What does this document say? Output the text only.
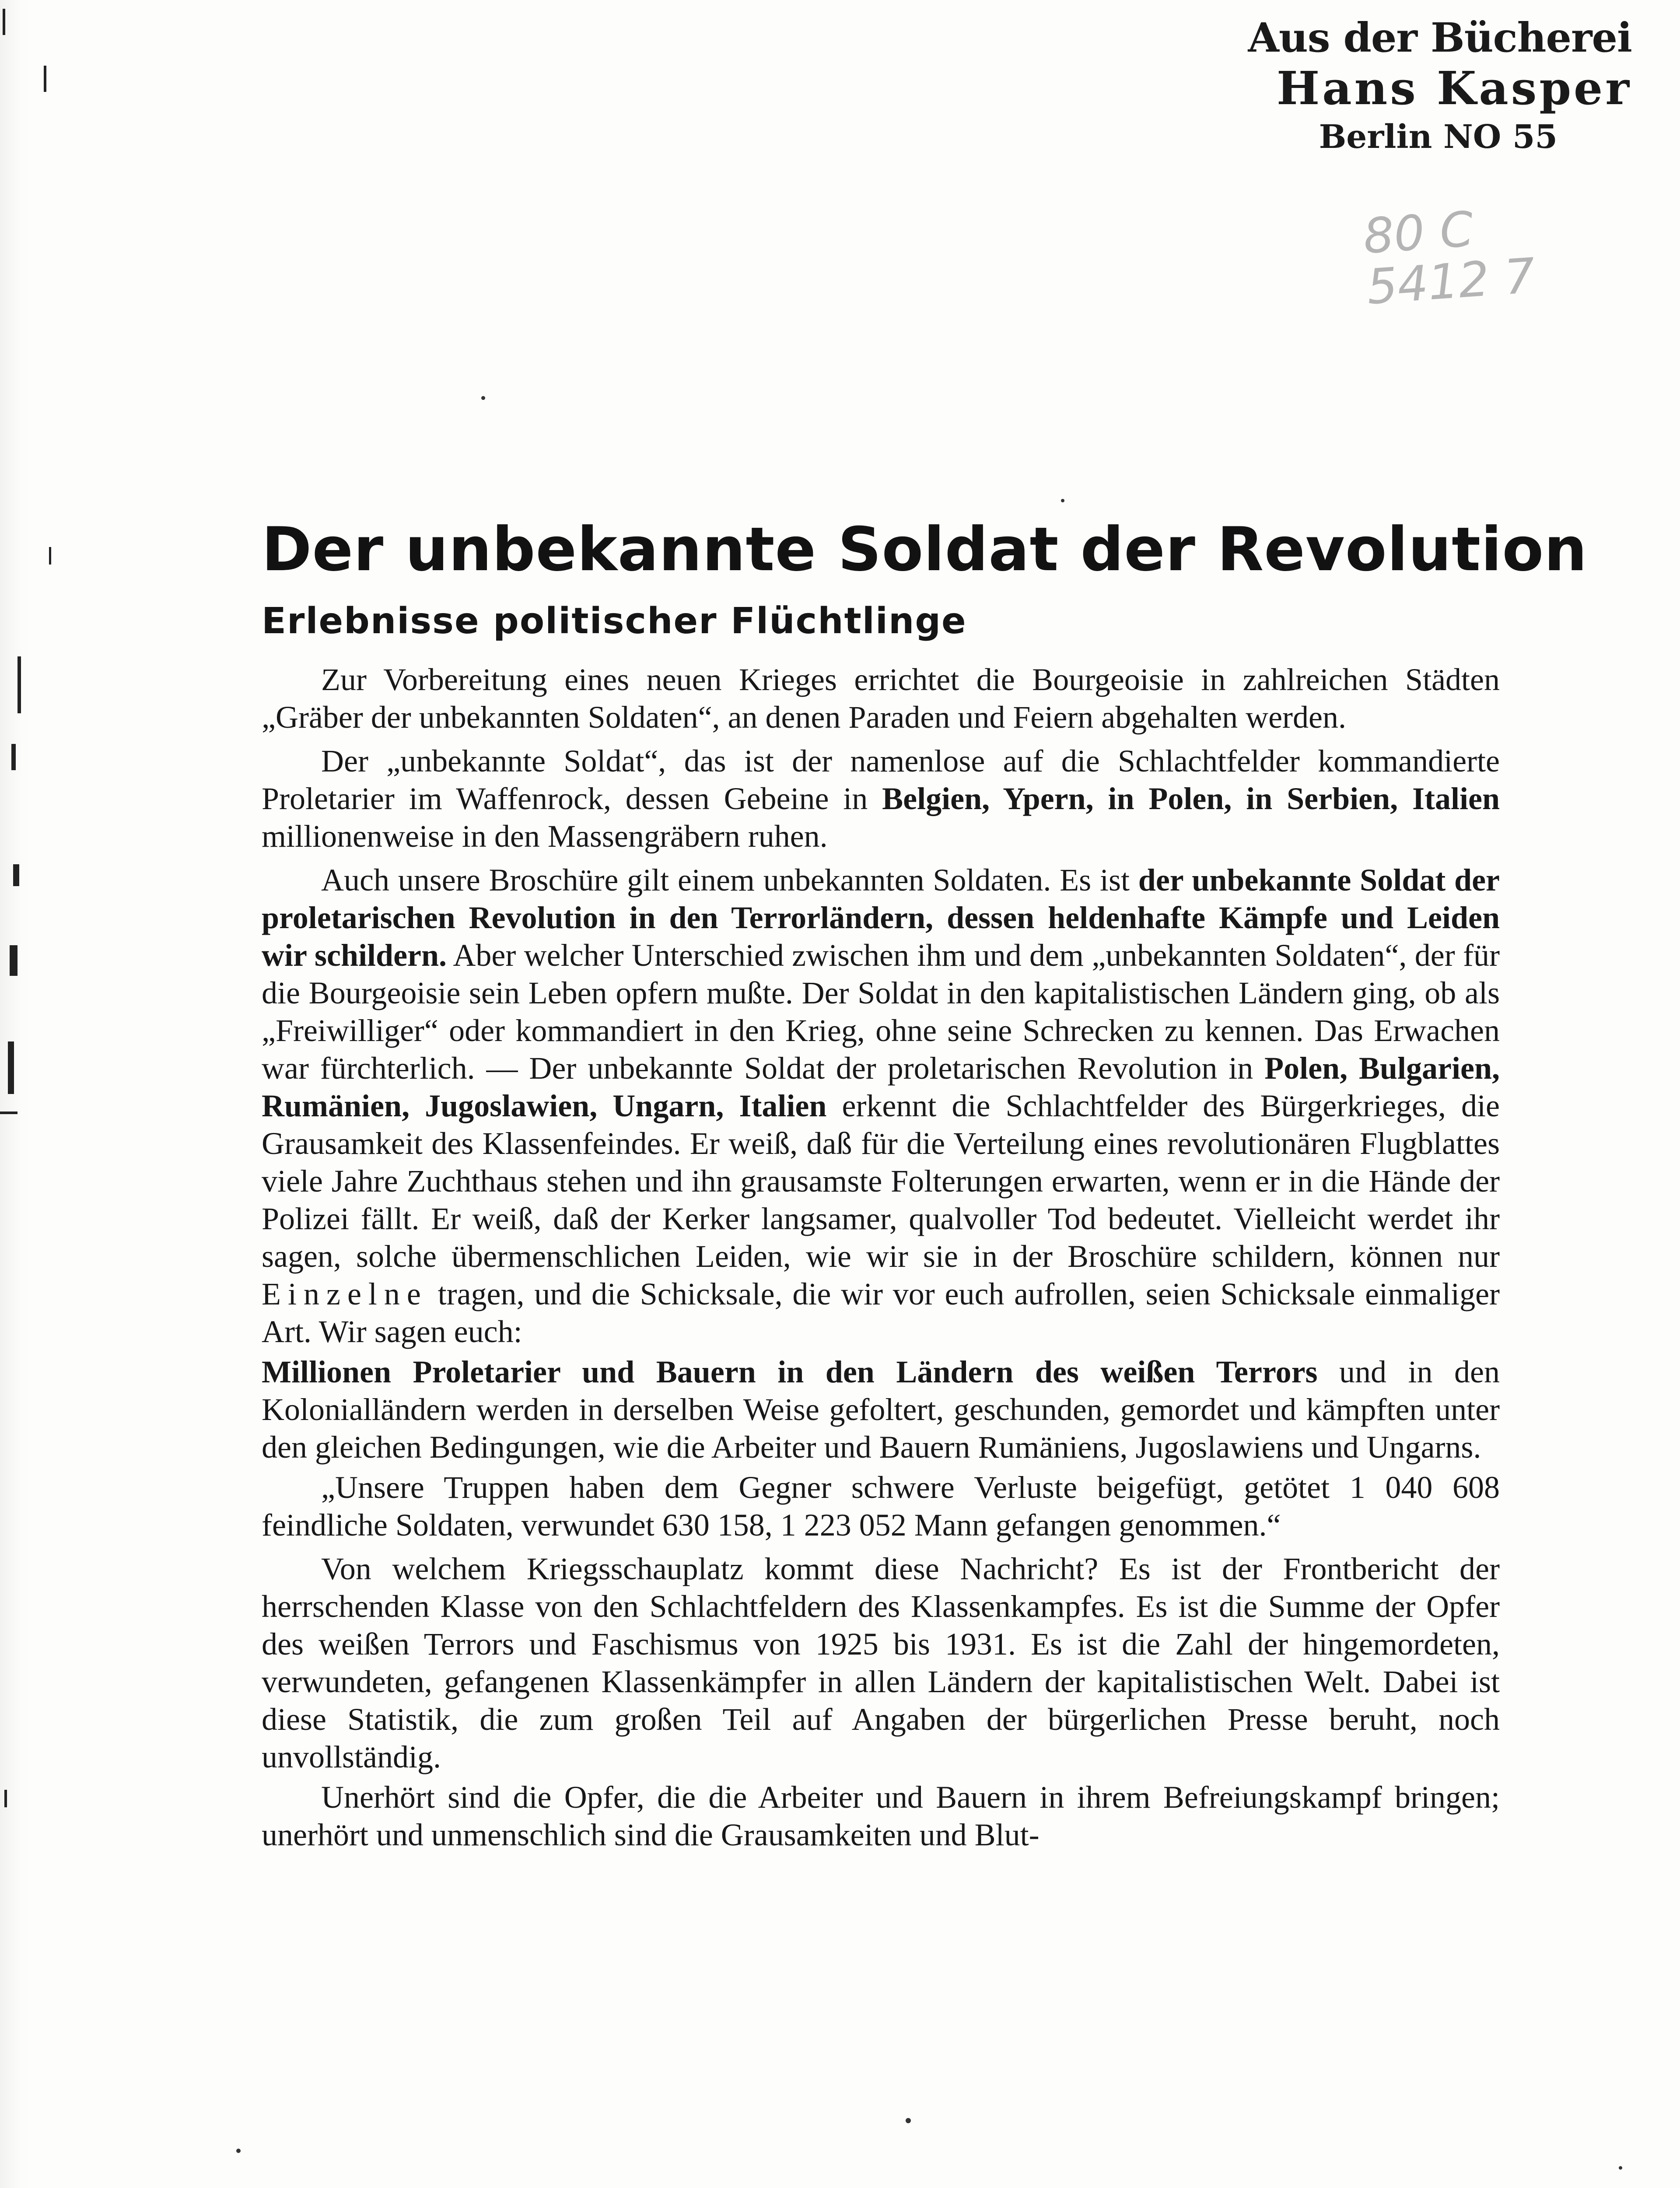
Aus der Bücherei
Hans Kasper
Berlin NO 55
80 C
5412 7
Der unbekannte Soldat der Revolution
Erlebnisse politischer Flüchtlinge

Zur Vorbereitung eines neuen Krieges errichtet die Bourgeoisie in zahlreichen Städten „Gräber der unbekannten Soldaten“, an denen Paraden und Feiern abgehalten werden.

Der „unbekannte Soldat“, das ist der namenlose auf die Schlachtfelder kommandierte Proletarier im Waffenrock, dessen Gebeine in Belgien, Ypern, in Polen, in Serbien, Italien millionenweise in den Massengräbern ruhen.

Auch unsere Broschüre gilt einem unbekannten Soldaten. Es ist der unbekannte Soldat der proletarischen Revolution in den Terrorländern, dessen heldenhafte Kämpfe und Leiden wir schildern. Aber welcher Unterschied zwischen ihm und dem „unbekannten Soldaten“, der für die Bourgeoisie sein Leben opfern mußte. Der Soldat in den kapitalistischen Ländern ging, ob als „Freiwilliger“ oder kommandiert in den Krieg, ohne seine Schrecken zu kennen. Das Erwachen war fürchterlich. — Der unbekannte Soldat der proletarischen Revolution in Polen, Bulgarien, Rumänien, Jugoslawien, Ungarn, Italien erkennt die Schlachtfelder des Bürgerkrieges, die Grausamkeit des Klassenfeindes. Er weiß, daß für die Verteilung eines revolutionären Flugblattes viele Jahre Zuchthaus stehen und ihn grausamste Folterungen erwarten, wenn er in die Hände der Polizei fällt. Er weiß, daß der Kerker langsamer, qualvoller Tod bedeutet. Vielleicht werdet ihr sagen, solche übermenschlichen Leiden, wie wir sie in der Broschüre schildern, können nur Einzelne tragen, und die Schicksale, die wir vor euch aufrollen, seien Schicksale einmaliger Art. Wir sagen euch:

Millionen Proletarier und Bauern in den Ländern des weißen Terrors und in den Kolonialländern werden in derselben Weise gefoltert, geschunden, gemordet und kämpften unter den gleichen Bedingungen, wie die Arbeiter und Bauern Rumäniens, Jugoslawiens und Ungarns.

„Unsere Truppen haben dem Gegner schwere Verluste beigefügt, getötet 1 040 608 feindliche Soldaten, verwundet 630 158, 1 223 052 Mann gefangen genommen.“

Von welchem Kriegsschauplatz kommt diese Nachricht? Es ist der Frontbericht der herrschenden Klasse von den Schlachtfeldern des Klassenkampfes. Es ist die Summe der Opfer des weißen Terrors und Faschismus von 1925 bis 1931. Es ist die Zahl der hingemordeten, verwundeten, gefangenen Klassenkämpfer in allen Ländern der kapitalistischen Welt. Dabei ist diese Statistik, die zum großen Teil auf Angaben der bürgerlichen Presse beruht, noch unvollständig.

Unerhört sind die Opfer, die die Arbeiter und Bauern in ihrem Befreiungskampf bringen; unerhört und unmenschlich sind die Grausamkeiten und Blut-
